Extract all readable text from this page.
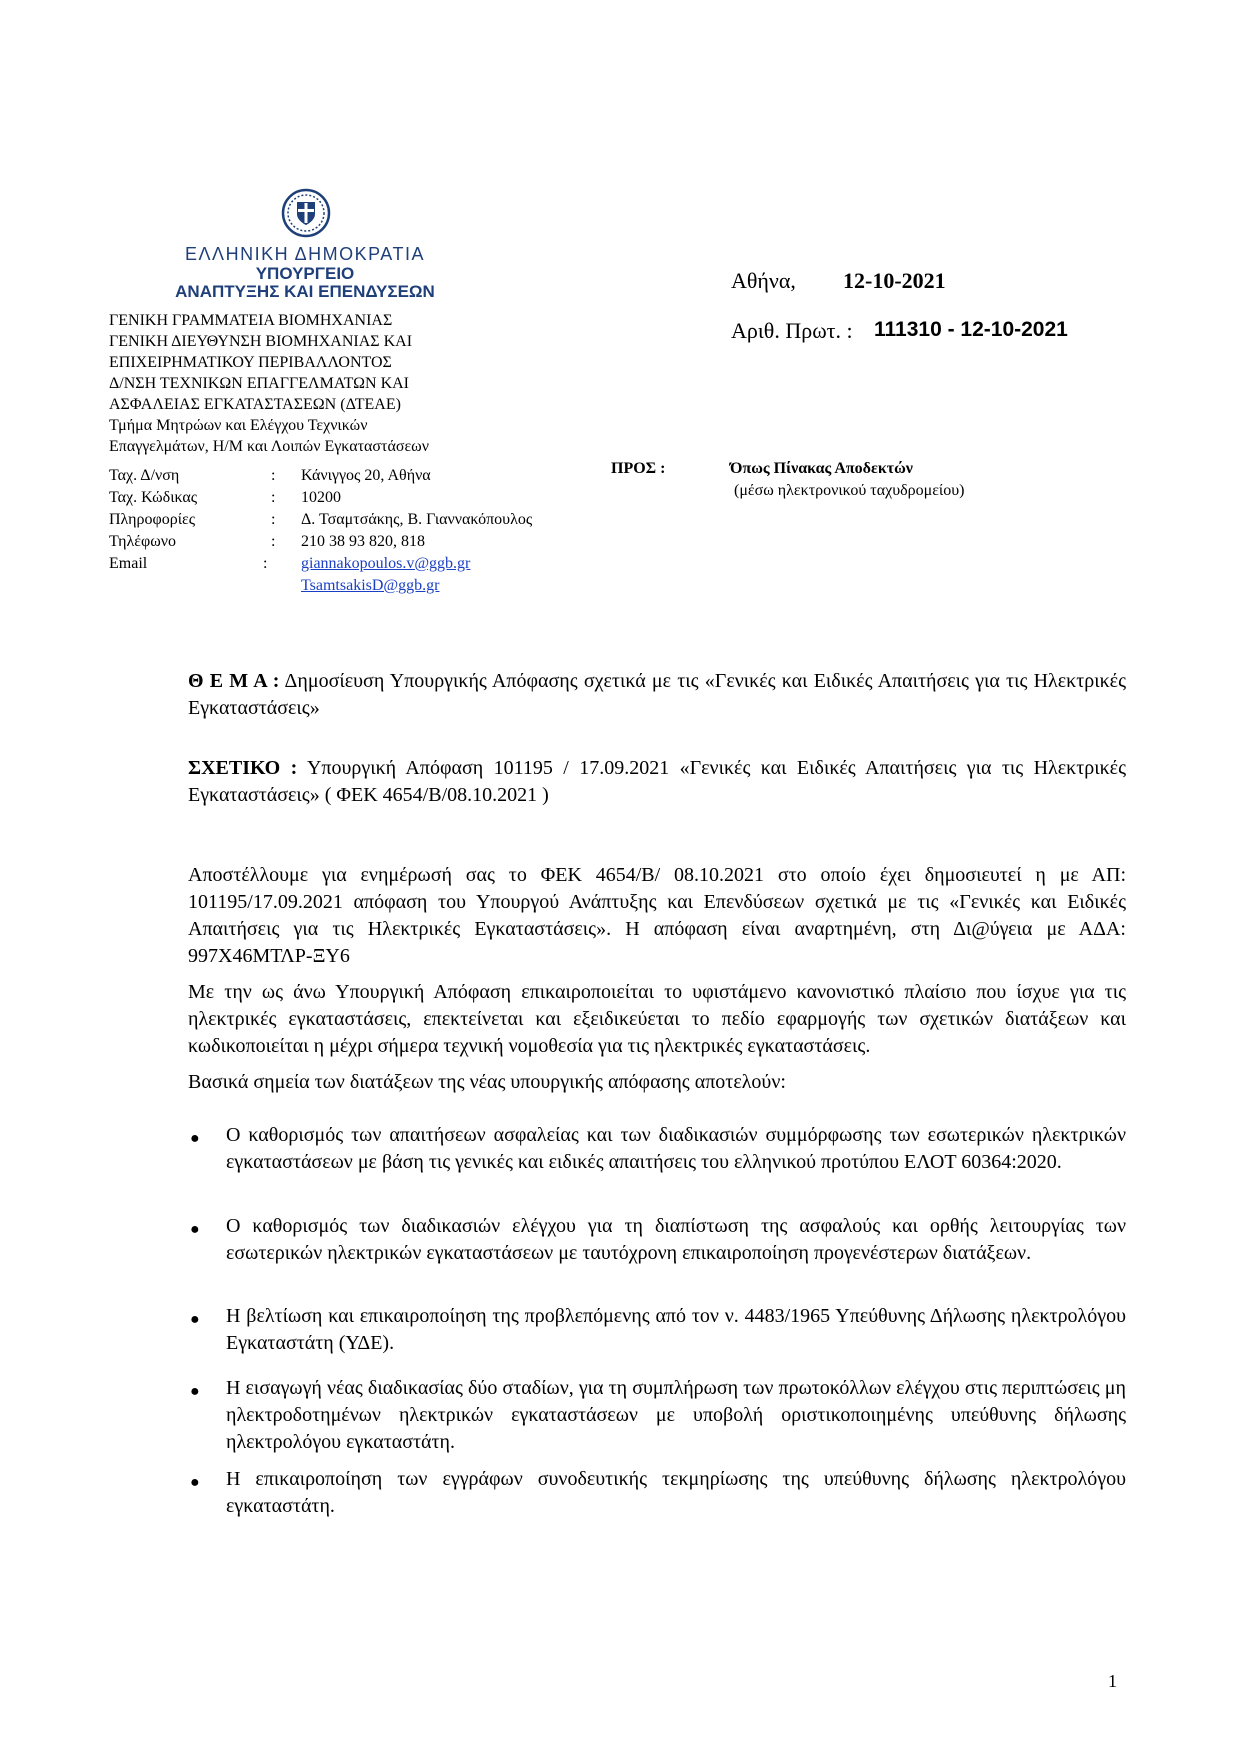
ΕΛΛΗΝΙΚΗ ΔΗΜΟΚΡΑΤΙΑ
ΥΠΟΥΡΓΕΙΟ
ΑΝΑΠΤΥΞΗΣ ΚΑΙ ΕΠΕΝΔΥΣΕΩΝ
ΓΕΝΙΚΗ ΓΡΑΜΜΑΤΕΙΑ ΒΙΟΜΗΧΑΝΙΑΣ
ΓΕΝΙΚΗ ΔΙΕΥΘΥΝΣΗ ΒΙΟΜΗΧΑΝΙΑΣ ΚΑΙ
ΕΠΙΧΕΙΡΗΜΑΤΙΚΟΥ ΠΕΡΙΒΑΛΛΟΝΤΟΣ
Δ/ΝΣΗ ΤΕΧΝΙΚΩΝ ΕΠΑΓΓΕΛΜΑΤΩΝ ΚΑΙ
ΑΣΦΑΛΕΙΑΣ ΕΓΚΑΤΑΣΤΑΣΕΩΝ (ΔΤΕΑΕ)
Τμήμα Μητρώων και Ελέγχου Τεχνικών
Επαγγελμάτων, Η/Μ και Λοιπών Εγκαταστάσεων
Ταχ. Δ/νση	: Κάνιγγος 20, Αθήνα
Ταχ. Κώδικας	: 10200
Πληροφορίες	: Δ. Τσαμτσάκης, Β. Γιαννακόπουλος
Τηλέφωνο	: 210 38 93 820, 818
Email	: giannakopoulos.v@ggb.gr
TsamtsakisD@ggb.gr
Αθήνα, 12-10-2021
Αριθ. Πρωτ. : 111310 - 12-10-2021
ΠΡΟΣ :	Όπως Πίνακας Αποδεκτών
(μέσω ηλεκτρονικού ταχυδρομείου)
Θ Ε Μ Α : Δημοσίευση Υπουργικής Απόφασης σχετικά με τις «Γενικές και Ειδικές Απαιτήσεις για τις Ηλεκτρικές Εγκαταστάσεις»
ΣΧΕΤΙΚΟ : Υπουργική Απόφαση 101195 / 17.09.2021 «Γενικές και Ειδικές Απαιτήσεις για τις Ηλεκτρικές Εγκαταστάσεις» ( ΦΕΚ 4654/Β/08.10.2021 )
Αποστέλλουμε για ενημέρωσή σας το ΦΕΚ 4654/Β/ 08.10.2021 στο οποίο έχει δημοσιευτεί η με ΑΠ: 101195/17.09.2021 απόφαση του Υπουργού Ανάπτυξης και Επενδύσεων σχετικά με τις «Γενικές και Ειδικές Απαιτήσεις για τις Ηλεκτρικές Εγκαταστάσεις». Η απόφαση είναι αναρτημένη, στη Δι@ύγεια με ΑΔΑ: 997Χ46ΜΤΛΡ-ΞΥ6
Με την ως άνω Υπουργική Απόφαση επικαιροποιείται το υφιστάμενο κανονιστικό πλαίσιο που ίσχυε για τις ηλεκτρικές εγκαταστάσεις, επεκτείνεται και εξειδικεύεται το πεδίο εφαρμογής των σχετικών διατάξεων και κωδικοποιείται η μέχρι σήμερα τεχνική νομοθεσία για τις ηλεκτρικές εγκαταστάσεις.
Βασικά σημεία των διατάξεων της νέας υπουργικής απόφασης αποτελούν:
● Ο καθορισμός των απαιτήσεων ασφαλείας και των διαδικασιών συμμόρφωσης των εσωτερικών ηλεκτρικών εγκαταστάσεων με βάση τις γενικές και ειδικές απαιτήσεις του ελληνικού προτύπου ΕΛΟΤ 60364:2020.
● Ο καθορισμός των διαδικασιών ελέγχου για τη διαπίστωση της ασφαλούς και ορθής λειτουργίας των εσωτερικών ηλεκτρικών εγκαταστάσεων με ταυτόχρονη επικαιροποίηση προγενέστερων διατάξεων.
● Η βελτίωση και επικαιροποίηση της προβλεπόμενης από τον ν. 4483/1965 Υπεύθυνης Δήλωσης ηλεκτρολόγου Εγκαταστάτη (ΥΔΕ).
● Η εισαγωγή νέας διαδικασίας δύο σταδίων, για τη συμπλήρωση των πρωτοκόλλων ελέγχου στις περιπτώσεις μη ηλεκτροδοτημένων ηλεκτρικών εγκαταστάσεων με υποβολή οριστικοποιημένης υπεύθυνης δήλωσης ηλεκτρολόγου εγκαταστάτη.
● Η επικαιροποίηση των εγγράφων συνοδευτικής τεκμηρίωσης της υπεύθυνης δήλωσης ηλεκτρολόγου εγκαταστάτη.
1
